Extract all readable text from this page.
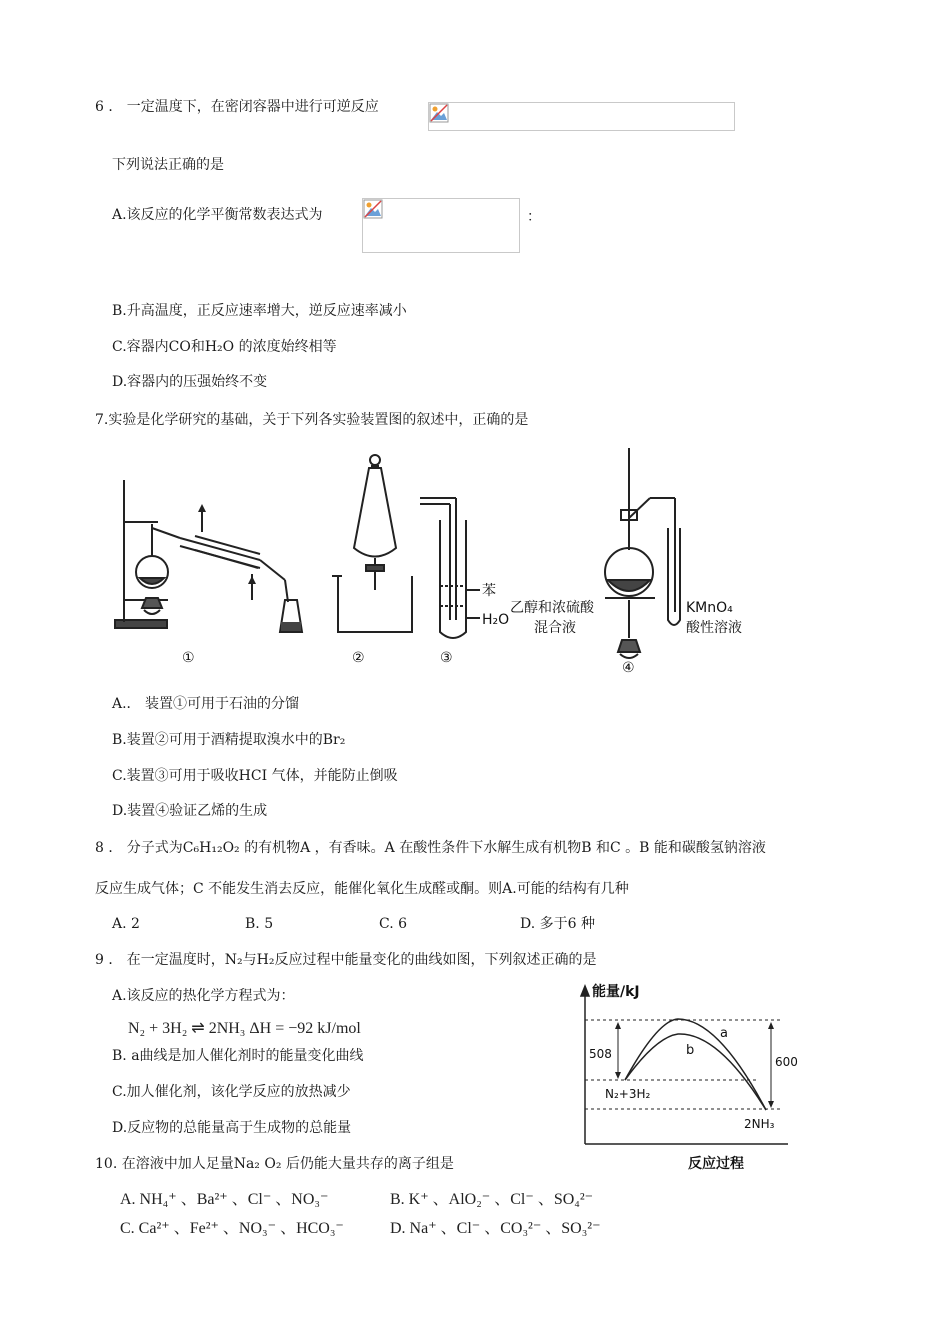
6 ． 一定温度下，在密闭容器中进行可逆反应
下列说法正确的是
A.该反应的化学平衡常数表达式为	：
B.升高温度，正反应速率增大，逆反应速率减小
C.容器内CO和H₂O 的浓度始终相等
D.容器内的压强始终不变
7.实验是化学研究的基础，关于下列各实验装置图的叙述中，正确的是
①	②	③
④
苯
H₂O
乙醇和浓硫酸
混合液
KMnO₄
酸性溶液
A.． 装置①可用于石油的分馏
B.装置②可用于酒精提取溴水中的Br₂
C.装置③可用于吸收HCI 气体，并能防止倒吸
D.装置④验证乙烯的生成
8 ． 分子式为C₆H₁₂O₂ 的有机物A ，有香味。A 在酸性条件下水解生成有机物B 和C 。B 能和碳酸氢钠溶液
反应生成气体；C 不能发生消去反应，能催化氧化生成醛或酮。则A.可能的结构有几种
A. 2	B. 5	C. 6	D. 多于6 种
9 ． 在一定温度时，N₂与H₂反应过程中能量变化的曲线如图，下列叙述正确的是
A.该反应的热化学方程式为：
N₂ + 3H₂ ⇌ 2NH₃ ΔH = −92 kJ/mol
B. a曲线是加人催化剂时的能量变化曲线
C.加人催化剂，该化学反应的放热减少
D.反应物的总能量高于生成物的总能量
能量/kJ
508
600
N₂+3H₂
2NH₃
a
b
反应过程
10. 在溶液中加人足量Na₂ O₂ 后仍能大量共存的离子组是
A. NH₄⁺ 、Ba²⁺ 、Cl⁻ 、NO₃⁻	B. K⁺ 、AlO₂⁻ 、Cl⁻ 、SO₄²⁻
C. Ca²⁺ 、Fe²⁺ 、NO₃⁻ 、HCO₃⁻	D. Na⁺ 、Cl⁻ 、CO₃²⁻ 、SO₃²⁻
